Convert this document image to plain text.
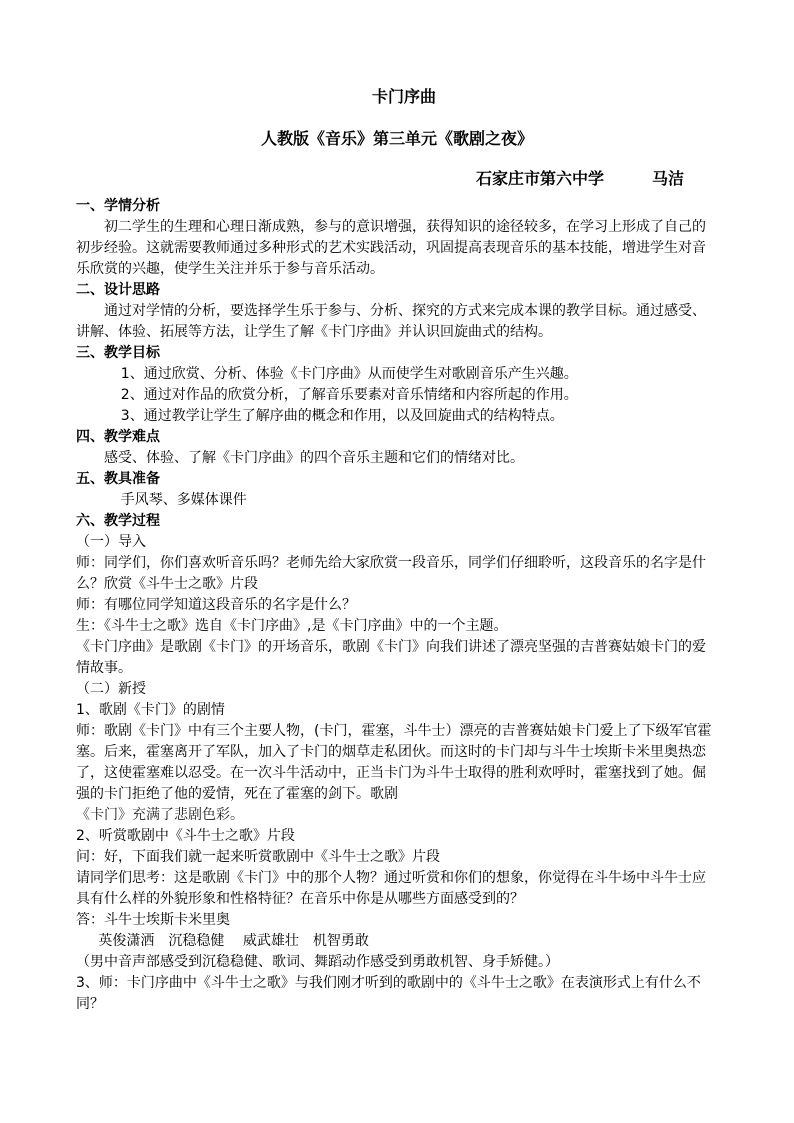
卡门序曲
人教版《音乐》第三单元《歌剧之夜》
石家庄市第六中学　　　马洁
一、学情分析

初二学生的生理和心理日渐成熟，参与的意识增强，获得知识的途径较多，在学习上形成了自己的初步经验。这就需要教师通过多种形式的艺术实践活动，巩固提高表现音乐的基本技能，增进学生对音乐欣赏的兴趣，使学生关注并乐于参与音乐活动。

二、设计思路

通过对学情的分析，要选择学生乐于参与、分析、探究的方式来完成本课的教学目标。通过感受、讲解、体验、拓展等方法，让学生了解《卡门序曲》并认识回旋曲式的结构。

三、教学目标

1、通过欣赏、分析、体验《卡门序曲》从而使学生对歌剧音乐产生兴趣。

2、通过对作品的欣赏分析，了解音乐要素对音乐情绪和内容所起的作用。

3、通过教学让学生了解序曲的概念和作用，以及回旋曲式的结构特点。

四、教学难点

感受、体验、了解《卡门序曲》的四个音乐主题和它们的情绪对比。

五、教具准备

手风琴、多媒体课件

六、教学过程

（一）导入

师：同学们，你们喜欢听音乐吗？老师先给大家欣赏一段音乐，同学们仔细聆听，这段音乐的名字是什么？欣赏《斗牛士之歌》片段

师：有哪位同学知道这段音乐的名字是什么？

生：《斗牛士之歌》选自《卡门序曲》,是《卡门序曲》中的一个主题。

《卡门序曲》是歌剧《卡门》的开场音乐，歌剧《卡门》向我们讲述了漂亮坚强的吉普赛姑娘卡门的爱情故事。

（二）新授

1、歌剧《卡门》的剧情

师：歌剧《卡门》中有三个主要人物，(卡门，霍塞，斗牛士）漂亮的吉普赛姑娘卡门爱上了下级军官霍塞。后来，霍塞离开了军队，加入了卡门的烟草走私团伙。而这时的卡门却与斗牛士埃斯卡米里奥热恋了，这使霍塞难以忍受。在一次斗牛活动中，正当卡门为斗牛士取得的胜利欢呼时，霍塞找到了她。倔强的卡门拒绝了他的爱情，死在了霍塞的剑下。歌剧

《卡门》充满了悲剧色彩。

2、听赏歌剧中《斗牛士之歌》片段

问：好，下面我们就一起来听赏歌剧中《斗牛士之歌》片段

请同学们思考：这是歌剧《卡门》中的那个人物？通过听赏和你们的想象，你觉得在斗牛场中斗牛士应具有什么样的外貌形象和性格特征？在音乐中你是从哪些方面感受到的？

答：斗牛士埃斯卡米里奥

英俊潇洒　沉稳稳健　 威武雄壮　机智勇敢

（男中音声部感受到沉稳稳健、歌词、舞蹈动作感受到勇敢机智、身手矫健。）

3、师：卡门序曲中《斗牛士之歌》与我们刚才听到的歌剧中的《斗牛士之歌》在表演形式上有什么不同？
